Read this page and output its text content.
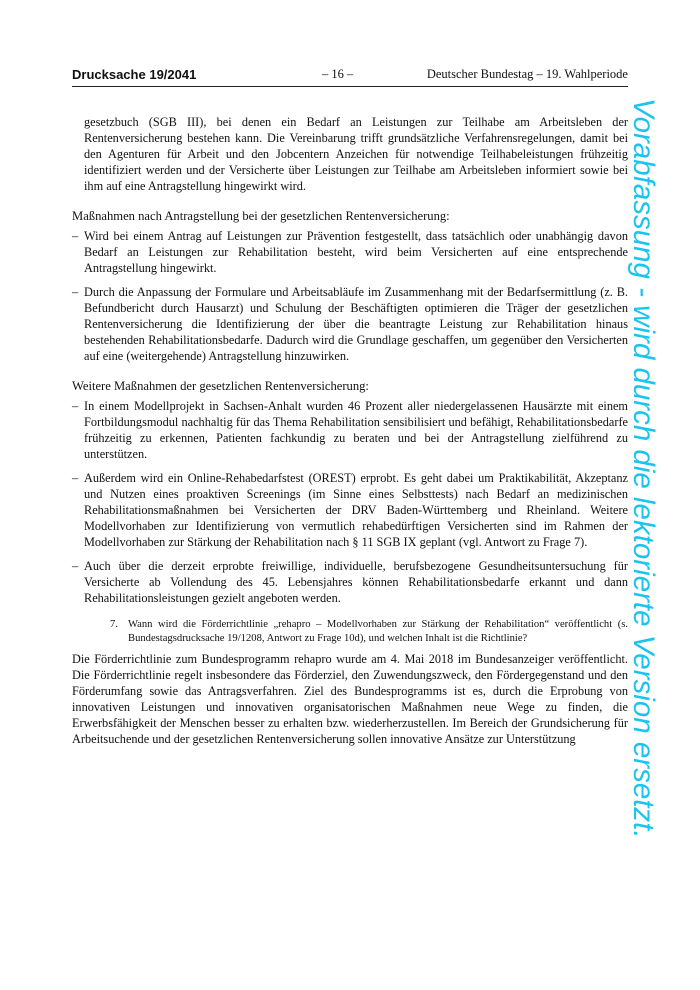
Drucksache 19/2041	– 16 –	Deutscher Bundestag – 19. Wahlperiode

gesetzbuch (SGB III), bei denen ein Bedarf an Leistungen zur Teilhabe am Arbeitsleben der Rentenversicherung bestehen kann. Die Vereinbarung trifft grundsätzliche Verfahrensregelungen, damit bei den Agenturen für Arbeit und den Jobcentern Anzeichen für notwendige Teilhabeleistungen frühzeitig identifiziert werden und der Versicherte über Leistungen zur Teilhabe am Arbeitsleben informiert sowie bei ihm auf eine Antragstellung hingewirkt wird.

Maßnahmen nach Antragstellung bei der gesetzlichen Rentenversicherung:

– Wird bei einem Antrag auf Leistungen zur Prävention festgestellt, dass tatsächlich oder unabhängig davon Bedarf an Leistungen zur Rehabilitation besteht, wird beim Versicherten auf eine entsprechende Antragstellung hingewirkt.
– Durch die Anpassung der Formulare und Arbeitsabläufe im Zusammenhang mit der Bedarfsermittlung (z. B. Befundbericht durch Hausarzt) und Schulung der Beschäftigten optimieren die Träger der gesetzlichen Rentenversicherung die Identifizierung der über die beantragte Leistung zur Rehabilitation hinaus bestehenden Rehabilitationsbedarfe. Dadurch wird die Grundlage geschaffen, um gegenüber den Versicherten auf eine (weitergehende) Antragstellung hinzuwirken.

Weitere Maßnahmen der gesetzlichen Rentenversicherung:

– In einem Modellprojekt in Sachsen-Anhalt wurden 46 Prozent aller niedergelassenen Hausärzte mit einem Fortbildungsmodul nachhaltig für das Thema Rehabilitation sensibilisiert und befähigt, Rehabilitationsbedarfe frühzeitig zu erkennen, Patienten fachkundig zu beraten und bei der Antragstellung zielführend zu unterstützen.
– Außerdem wird ein Online-Rehabedarfstest (OREST) erprobt. Es geht dabei um Praktikabilität, Akzeptanz und Nutzen eines proaktiven Screenings (im Sinne eines Selbsttests) nach Bedarf an medizinischen Rehabilitationsmaßnahmen bei Versicherten der DRV Baden-Württemberg und Rheinland. Weitere Modellvorhaben zur Identifizierung von vermutlich rehabedürftigen Versicherten sind im Rahmen der Modellvorhaben zur Stärkung der Rehabilitation nach § 11 SGB IX geplant (vgl. Antwort zu Frage 7).
– Auch über die derzeit erprobte freiwillige, individuelle, berufsbezogene Gesundheitsuntersuchung für Versicherte ab Vollendung des 45. Lebensjahres können Rehabilitationsbedarfe erkannt und dann Rehabilitationsleistungen gezielt angeboten werden.
7. Wann wird die Förderrichtlinie „rehapro – Modellvorhaben zur Stärkung der Rehabilitation“ veröffentlicht (s. Bundestagsdrucksache 19/1208, Antwort zu Frage 10d), und welchen Inhalt ist die Richtlinie?

Die Förderrichtlinie zum Bundesprogramm rehapro wurde am 4. Mai 2018 im Bundesanzeiger veröffentlicht. Die Förderrichtlinie regelt insbesondere das Förderziel, den Zuwendungszweck, den Fördergegenstand und den Förderumfang sowie das Antragsverfahren. Ziel des Bundesprogramms ist es, durch die Erprobung von innovativen Leistungen und innovativen organisatorischen Maßnahmen neue Wege zu finden, die Erwerbsfähigkeit der Menschen besser zu erhalten bzw. wiederherzustellen. Im Bereich der Grundsicherung für Arbeitsuchende und der gesetzlichen Rentenversicherung sollen innovative Ansätze zur Unterstützung	Vorabfassung - wird durch die lektorierte Version ersetzt.
